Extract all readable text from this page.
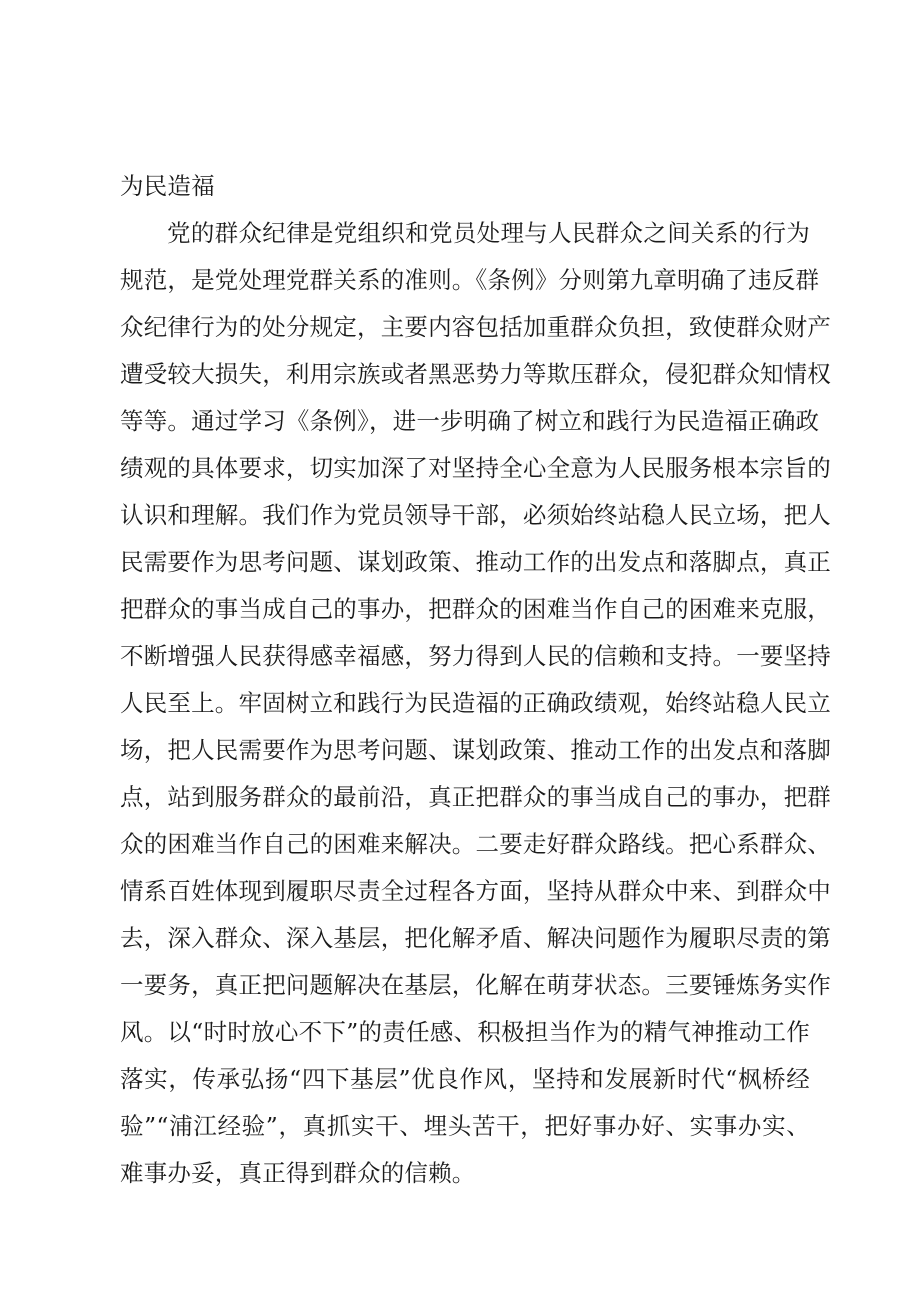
为民造福
党的群众纪律是党组织和党员处理与人民群众之间关系的行为
规范，是党处理党群关系的准则。《条例》分则第九章明确了违反群
众纪律行为的处分规定，主要内容包括加重群众负担，致使群众财产
遭受较大损失，利用宗族或者黑恶势力等欺压群众，侵犯群众知情权
等等。通过学习《条例》，进一步明确了树立和践行为民造福正确政
绩观的具体要求，切实加深了对坚持全心全意为人民服务根本宗旨的
认识和理解。我们作为党员领导干部，必须始终站稳人民立场，把人
民需要作为思考问题、谋划政策、推动工作的出发点和落脚点，真正
把群众的事当成自己的事办，把群众的困难当作自己的困难来克服，
不断增强人民获得感幸福感，努力得到人民的信赖和支持。一要坚持
人民至上。牢固树立和践行为民造福的正确政绩观，始终站稳人民立
场，把人民需要作为思考问题、谋划政策、推动工作的出发点和落脚
点，站到服务群众的最前沿，真正把群众的事当成自己的事办，把群
众的困难当作自己的困难来解决。二要走好群众路线。把心系群众、
情系百姓体现到履职尽责全过程各方面，坚持从群众中来、到群众中
去，深入群众、深入基层，把化解矛盾、解决问题作为履职尽责的第
一要务，真正把问题解决在基层，化解在萌芽状态。三要锤炼务实作
风。以“时时放心不下”的责任感、积极担当作为的精气神推动工作
落实，传承弘扬“四下基层”优良作风，坚持和发展新时代“枫桥经
验”“浦江经验”，真抓实干、埋头苦干，把好事办好、实事办实、
难事办妥，真正得到群众的信赖。
